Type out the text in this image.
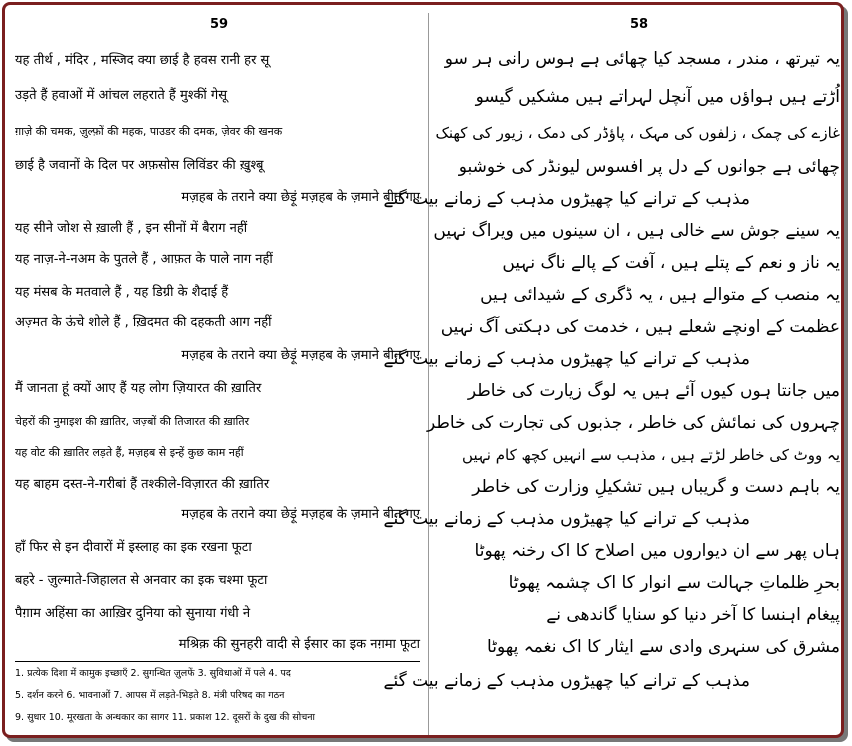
59
यह तीर्थ , मंदिर , मस्जिद क्या छाई है हवस रानी हर सू
उड़ते हैं हवाओं में आंचल लहराते हैं मुश्कीं गेसू
ग़ाज़े की चमक, ज़ुल्फ़ों की महक, पाउडर की दमक, ज़ेवर की खनक
छाई है जवानों के दिल पर अफ़सोस लिविंडर की ख़ुश्बू
मज़हब के तराने क्या छेड़ूं मज़हब के ज़माने बीत गए
यह सीने जोश से ख़ाली हैं , इन सीनों में बैराग नहीं
यह नाज़-ने-नअम के पुतले हैं , आफ़त के पाले नाग नहीं
यह मंसब के मतवाले हैं , यह डिग्री के शैदाई हैं
अज़्मत के ऊंचे शोले हैं , ख़िदमत की दहकती आग नहीं
मज़हब के तराने क्या छेड़ूं मज़हब के ज़माने बीत गए
मैं जानता हूं क्यों आए हैं यह लोग ज़ियारत की ख़ातिर
चेहरों की नुमाइश की ख़ातिर, जज़्बों की तिजारत की ख़ातिर
यह वोट की ख़ातिर लड़ते हैं, मज़हब से इन्हें कुछ काम नहीं
यह बाहम दस्त-ने-गरीबां हैं तश्कीले-विज़ारत की ख़ातिर
मज़हब के तराने क्या छेड़ूं मज़हब के ज़माने बीत गए
हाँ फिर से इन दीवारों में इस्लाह का इक रखना फूटा
बहरे - ज़ुल्माते-जिहालत से अनवार का इक चश्मा फूटा
पैग़ाम अहिंसा का आख़िर दुनिया को सुनाया गंधी ने
मश्रिक़ की सुनहरी वादी से ईसार का इक नग़मा फूटा
1. प्रत्येक दिशा में कामुक इच्छाएँ 2. सुगन्धित ज़ुलफें 3. सुविधाओं में पले 4. पद
5. दर्शन करने 6. भावनाओं 7. आपस में लड़ते-भिड़ते 8. मंत्री परिषद का गठन
9. सुधार 10. मूरखता के अन्धकार का सागर 11. प्रकाश 12. दूसरों के दुख की सोचना
58
یہ تیرتھ ، مندر ، مسجد کیا چھائی ہے ہوس رانی ہر سو
اُڑتے ہیں ہواؤں میں آنچل لہراتے ہیں مشکیں گیسو
غازے کی چمک ، زلفوں کی مہک ، پاؤڈر کی دمک ، زیور کی کھنک
چھائی ہے جوانوں کے دل پر افسوس لیونڈر کی خوشبو
مذہب کے ترانے کیا چھیڑوں مذہب کے زمانے بیت گئے
یہ سینے جوش سے خالی ہیں ، ان سینوں میں ویراگ نہیں
یہ ناز و نعم کے پتلے ہیں ، آفت کے پالے ناگ نہیں
یہ منصب کے متوالے ہیں ، یہ ڈگری کے شیدائی ہیں
عظمت کے اونچے شعلے ہیں ، خدمت کی دہکتی آگ نہیں
مذہب کے ترانے کیا چھیڑوں مذہب کے زمانے بیت گئے
میں جانتا ہوں کیوں آئے ہیں یہ لوگ زیارت کی خاطر
چہروں کی نمائش کی خاطر ، جذبوں کی تجارت کی خاطر
یہ ووٹ کی خاطر لڑتے ہیں ، مذہب سے انہیں کچھ کام نہیں
یہ باہم دست و گریباں ہیں تشکیلِ وزارت کی خاطر
مذہب کے ترانے کیا چھیڑوں مذہب کے زمانے بیت گئے
ہاں پھر سے ان دیواروں میں اصلاح کا اک رخنہ پھوٹا
بحرِ ظلماتِ جہالت سے انوار کا اک چشمہ پھوٹا
پیغام اہنسا کا آخر دنیا کو سنایا گاندھی نے
مشرق کی سنہری وادی سے ایثار کا اک نغمہ پھوٹا
مذہب کے ترانے کیا چھیڑوں مذہب کے زمانے بیت گئے
